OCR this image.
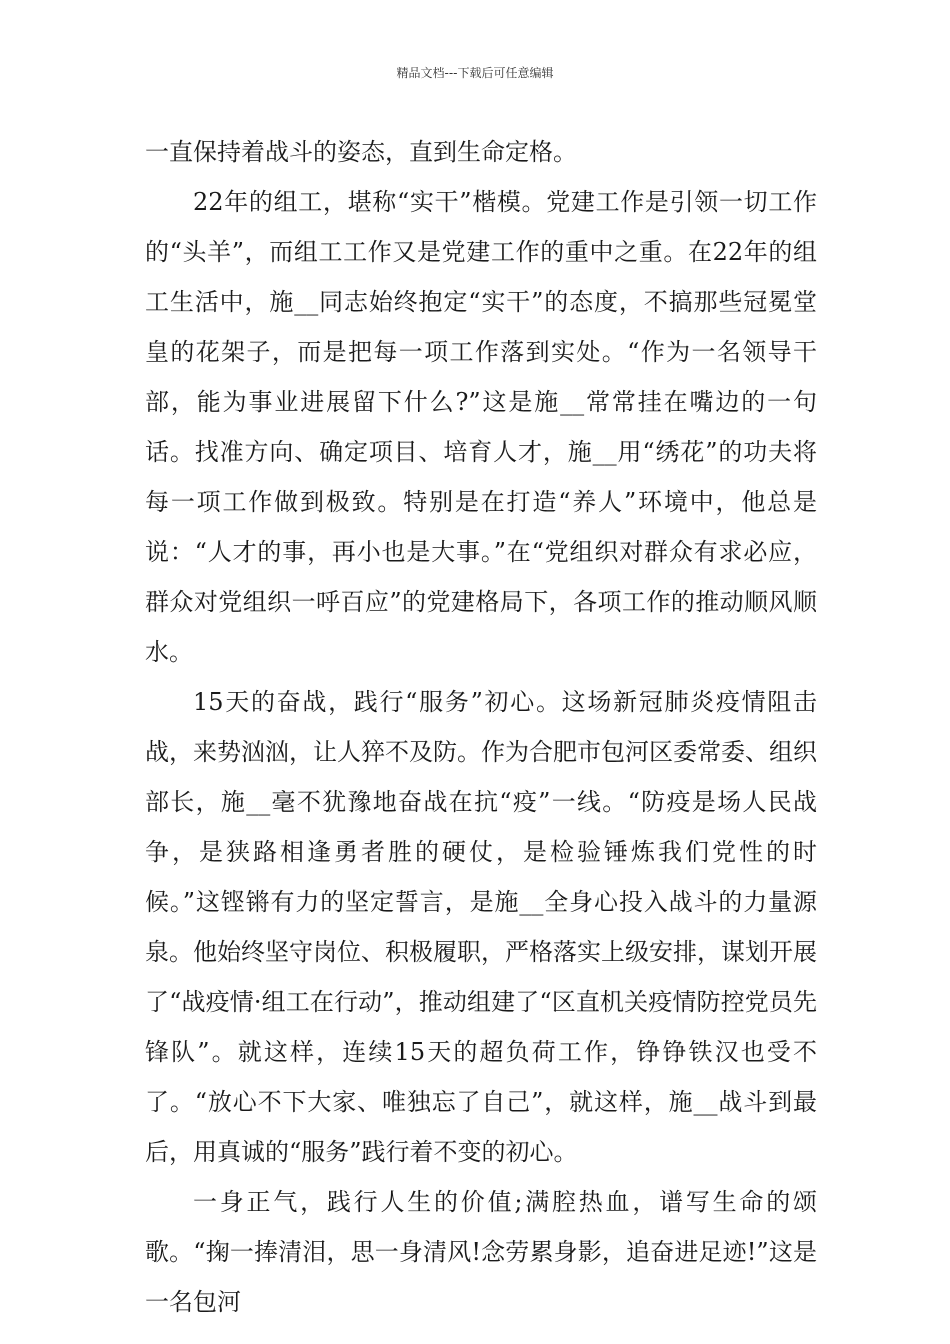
精品文档---下载后可任意编辑

一直保持着战斗的姿态，直到生命定格。

22年的组工，堪称“实干”楷模。党建工作是引领一切工作的“头羊”，而组工工作又是党建工作的重中之重。在22年的组工生活中，施__同志始终抱定“实干”的态度，不搞那些冠冕堂皇的花架子，而是把每一项工作落到实处。“作为一名领导干部，能为事业进展留下什么?”这是施__常常挂在嘴边的一句话。找准方向、确定项目、培育人才，施__用“绣花”的功夫将每一项工作做到极致。特别是在打造“养人”环境中，他总是说：“人才的事，再小也是大事。”在“党组织对群众有求必应，群众对党组织一呼百应”的党建格局下，各项工作的推动顺风顺水。

15天的奋战，践行“服务”初心。这场新冠肺炎疫情阻击战，来势汹汹，让人猝不及防。作为合肥市包河区委常委、组织部长，施__毫不犹豫地奋战在抗“疫”一线。“防疫是场人民战争，是狭路相逢勇者胜的硬仗，是检验锤炼我们党性的时候。”这铿锵有力的坚定誓言，是施__全身心投入战斗的力量源泉。他始终坚守岗位、积极履职，严格落实上级安排，谋划开展了“战疫情·组工在行动”，推动组建了“区直机关疫情防控党员先锋队”。就这样，连续15天的超负荷工作，铮铮铁汉也受不了。“放心不下大家、唯独忘了自己”，就这样，施__战斗到最后，用真诚的“服务”践行着不变的初心。

一身正气，践行人生的价值;满腔热血，谱写生命的颂歌。“掬一捧清泪，思一身清风!念劳累身影，追奋进足迹!”这是一名包河
